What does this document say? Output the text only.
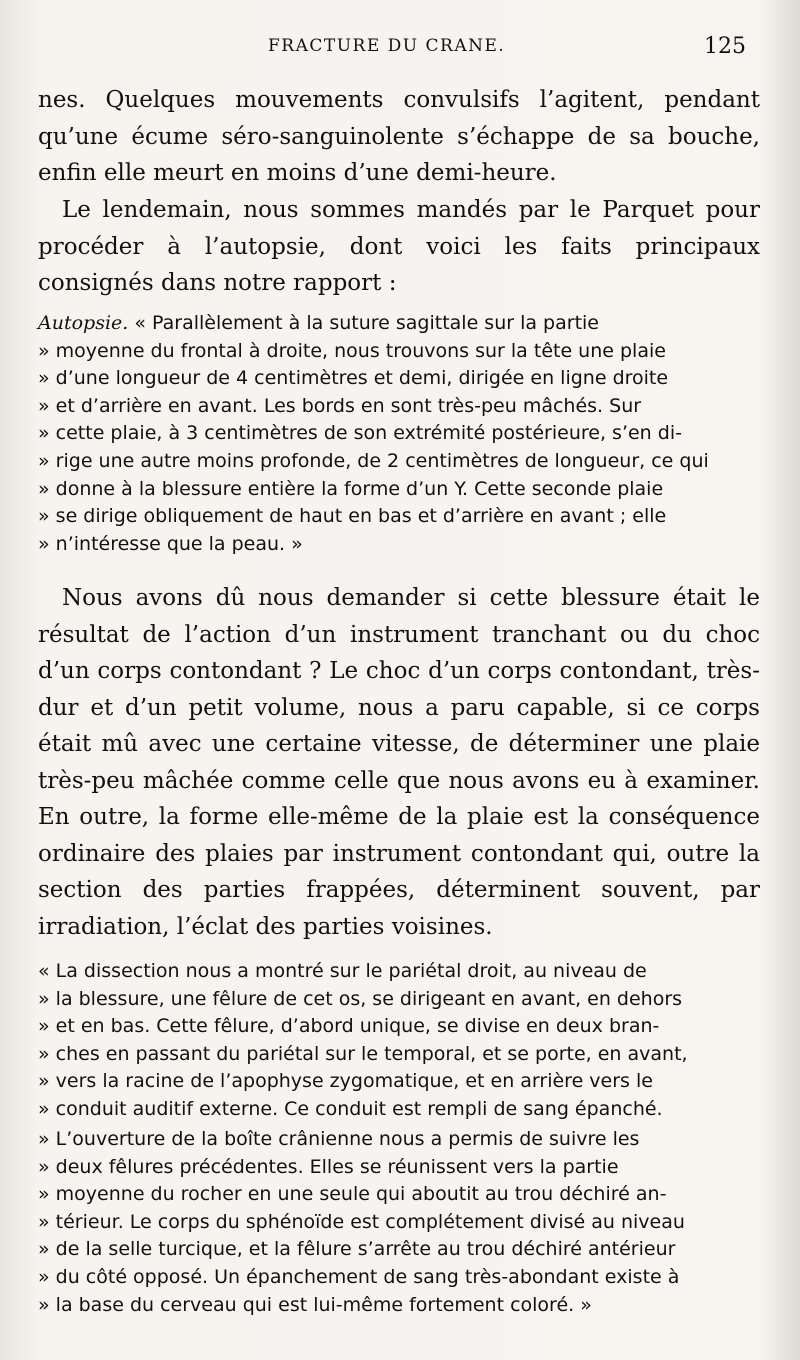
FRACTURE DU CRANE.	125

nes. Quelques mouvements convulsifs l’agitent, pendant qu’une écume séro-sanguinolente s’échappe de sa bouche, enfin elle meurt en moins d’une demi-heure.

Le lendemain, nous sommes mandés par le Parquet pour procéder à l’autopsie, dont voici les faits principaux consignés dans notre rapport :

Autopsie. « Parallèlement à la suture sagittale sur la partie

» moyenne du frontal à droite, nous trouvons sur la tête une plaie

» d’une longueur de 4 centimètres et demi, dirigée en ligne droite

» et d’arrière en avant. Les bords en sont très-peu mâchés. Sur

» cette plaie, à 3 centimètres de son extrémité postérieure, s’en di-

» rige une autre moins profonde, de 2 centimètres de longueur, ce qui

» donne à la blessure entière la forme d’un Y. Cette seconde plaie

» se dirige obliquement de haut en bas et d’arrière en avant ; elle

» n’intéresse que la peau. »

Nous avons dû nous demander si cette blessure était le résultat de l’action d’un instrument tranchant ou du choc d’un corps contondant ? Le choc d’un corps contondant, très-dur et d’un petit volume, nous a paru capable, si ce corps était mû avec une certaine vitesse, de déterminer une plaie très-peu mâchée comme celle que nous avons eu à examiner. En outre, la forme elle-même de la plaie est la conséquence ordinaire des plaies par instrument contondant qui, outre la section des parties frappées, déterminent souvent, par irradiation, l’éclat des parties voisines.

« La dissection nous a montré sur le pariétal droit, au niveau de

» la blessure, une fêlure de cet os, se dirigeant en avant, en dehors

» et en bas. Cette fêlure, d’abord unique, se divise en deux bran-

» ches en passant du pariétal sur le temporal, et se porte, en avant,

» vers la racine de l’apophyse zygomatique, et en arrière vers le

» conduit auditif externe. Ce conduit est rempli de sang épanché.

» L’ouverture de la boîte crânienne nous a permis de suivre les

» deux fêlures précédentes. Elles se réunissent vers la partie

» moyenne du rocher en une seule qui aboutit au trou déchiré an-

» térieur. Le corps du sphénoïde est complétement divisé au niveau

» de la selle turcique, et la fêlure s’arrête au trou déchiré antérieur

» du côté opposé. Un épanchement de sang très-abondant existe à

» la base du cerveau qui est lui-même fortement coloré. »
